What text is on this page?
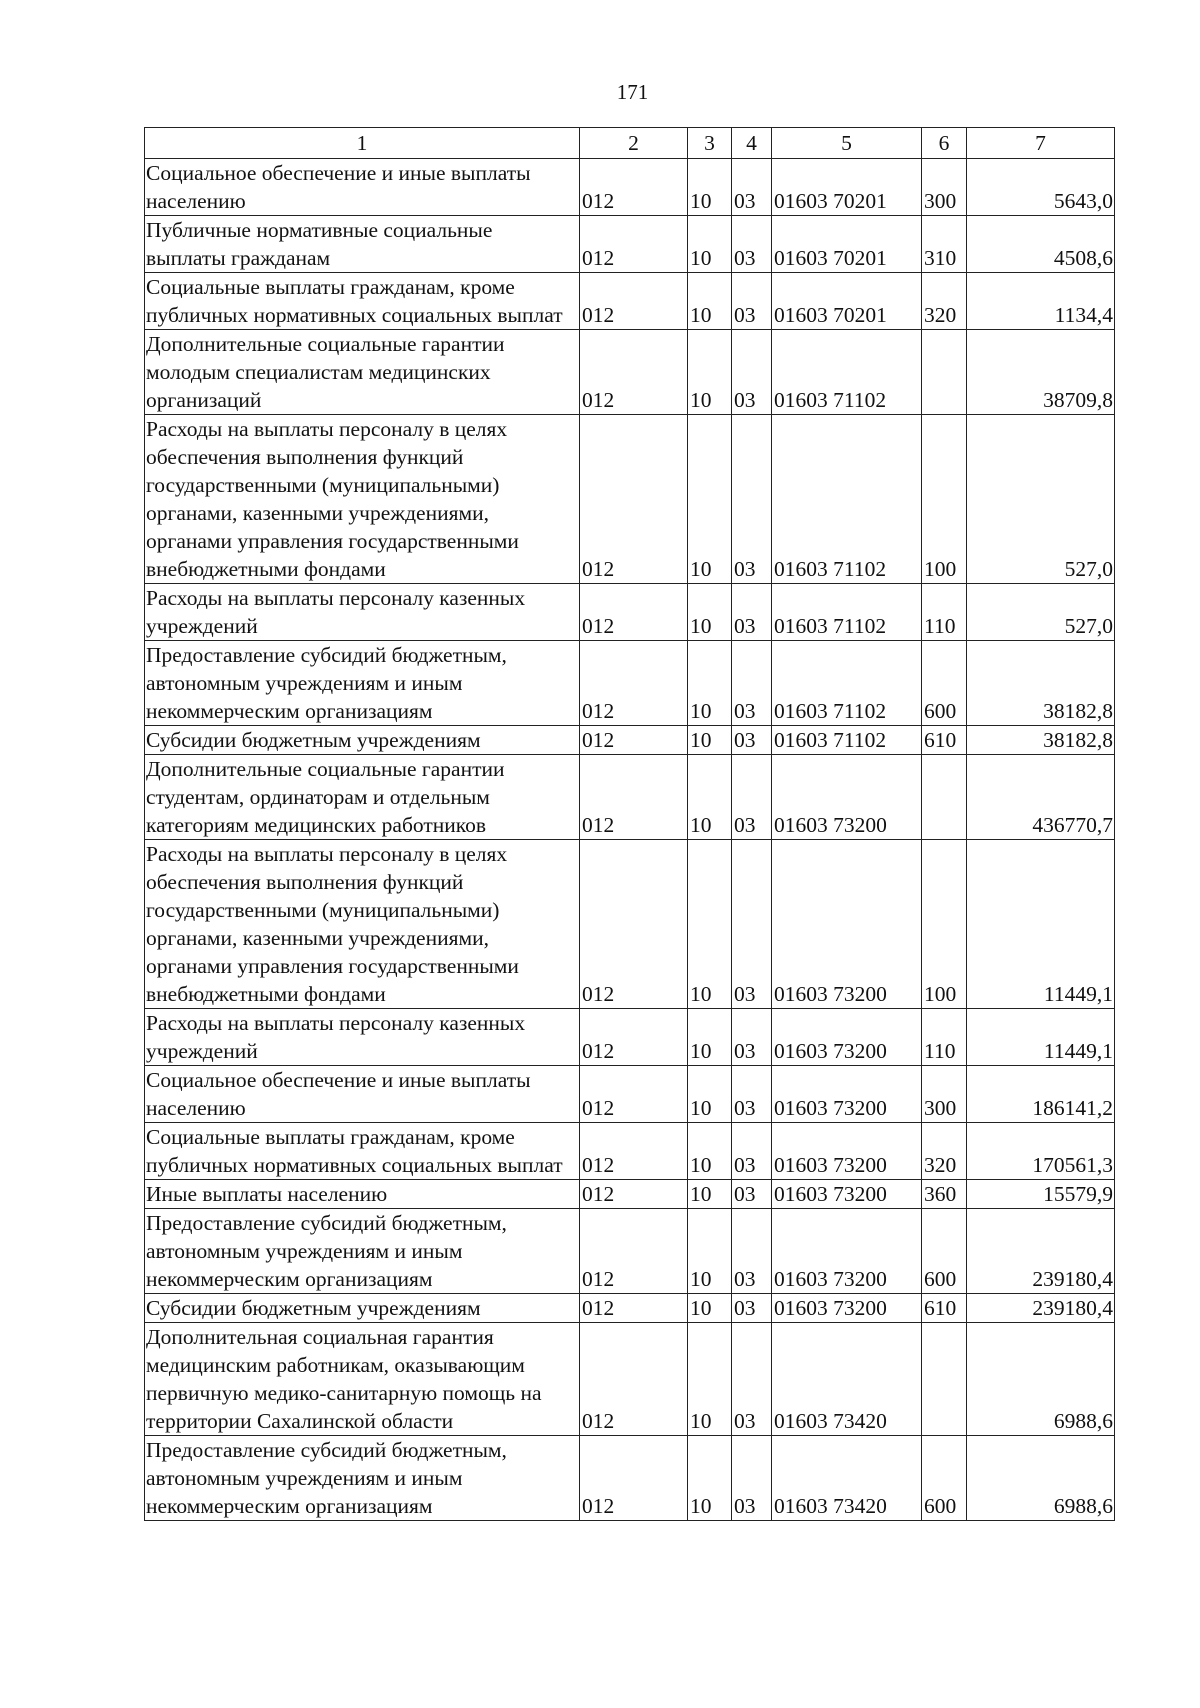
171
1	2	3	4	5	6	7
Социальное обеспечение и иные выплаты населению	012	10	03	01603 70201	300	5643,0
Публичные нормативные социальные выплаты гражданам	012	10	03	01603 70201	310	4508,6
Социальные выплаты гражданам, кроме публичных нормативных социальных выплат	012	10	03	01603 70201	320	1134,4
Дополнительные социальные гарантии молодым специалистам медицинских организаций	012	10	03	01603 71102		38709,8
Расходы на выплаты персоналу в целях обеспечения выполнения функций государственными (муниципальными) органами, казенными учреждениями, органами управления государственными внебюджетными фондами	012	10	03	01603 71102	100	527,0
Расходы на выплаты персоналу казенных учреждений	012	10	03	01603 71102	110	527,0
Предоставление субсидий бюджетным, автономным учреждениям и иным некоммерческим организациям	012	10	03	01603 71102	600	38182,8
Субсидии бюджетным учреждениям	012	10	03	01603 71102	610	38182,8
Дополнительные социальные гарантии студентам, ординаторам и отдельным категориям медицинских работников	012	10	03	01603 73200		436770,7
Расходы на выплаты персоналу в целях обеспечения выполнения функций государственными (муниципальными) органами, казенными учреждениями, органами управления государственными внебюджетными фондами	012	10	03	01603 73200	100	11449,1
Расходы на выплаты персоналу казенных учреждений	012	10	03	01603 73200	110	11449,1
Социальное обеспечение и иные выплаты населению	012	10	03	01603 73200	300	186141,2
Социальные выплаты гражданам, кроме публичных нормативных социальных выплат	012	10	03	01603 73200	320	170561,3
Иные выплаты населению	012	10	03	01603 73200	360	15579,9
Предоставление субсидий бюджетным, автономным учреждениям и иным некоммерческим организациям	012	10	03	01603 73200	600	239180,4
Субсидии бюджетным учреждениям	012	10	03	01603 73200	610	239180,4
Дополнительная социальная гарантия медицинским работникам, оказывающим первичную медико-санитарную помощь на территории Сахалинской области	012	10	03	01603 73420		6988,6
Предоставление субсидий бюджетным, автономным учреждениям и иным некоммерческим организациям	012	10	03	01603 73420	600	6988,6
